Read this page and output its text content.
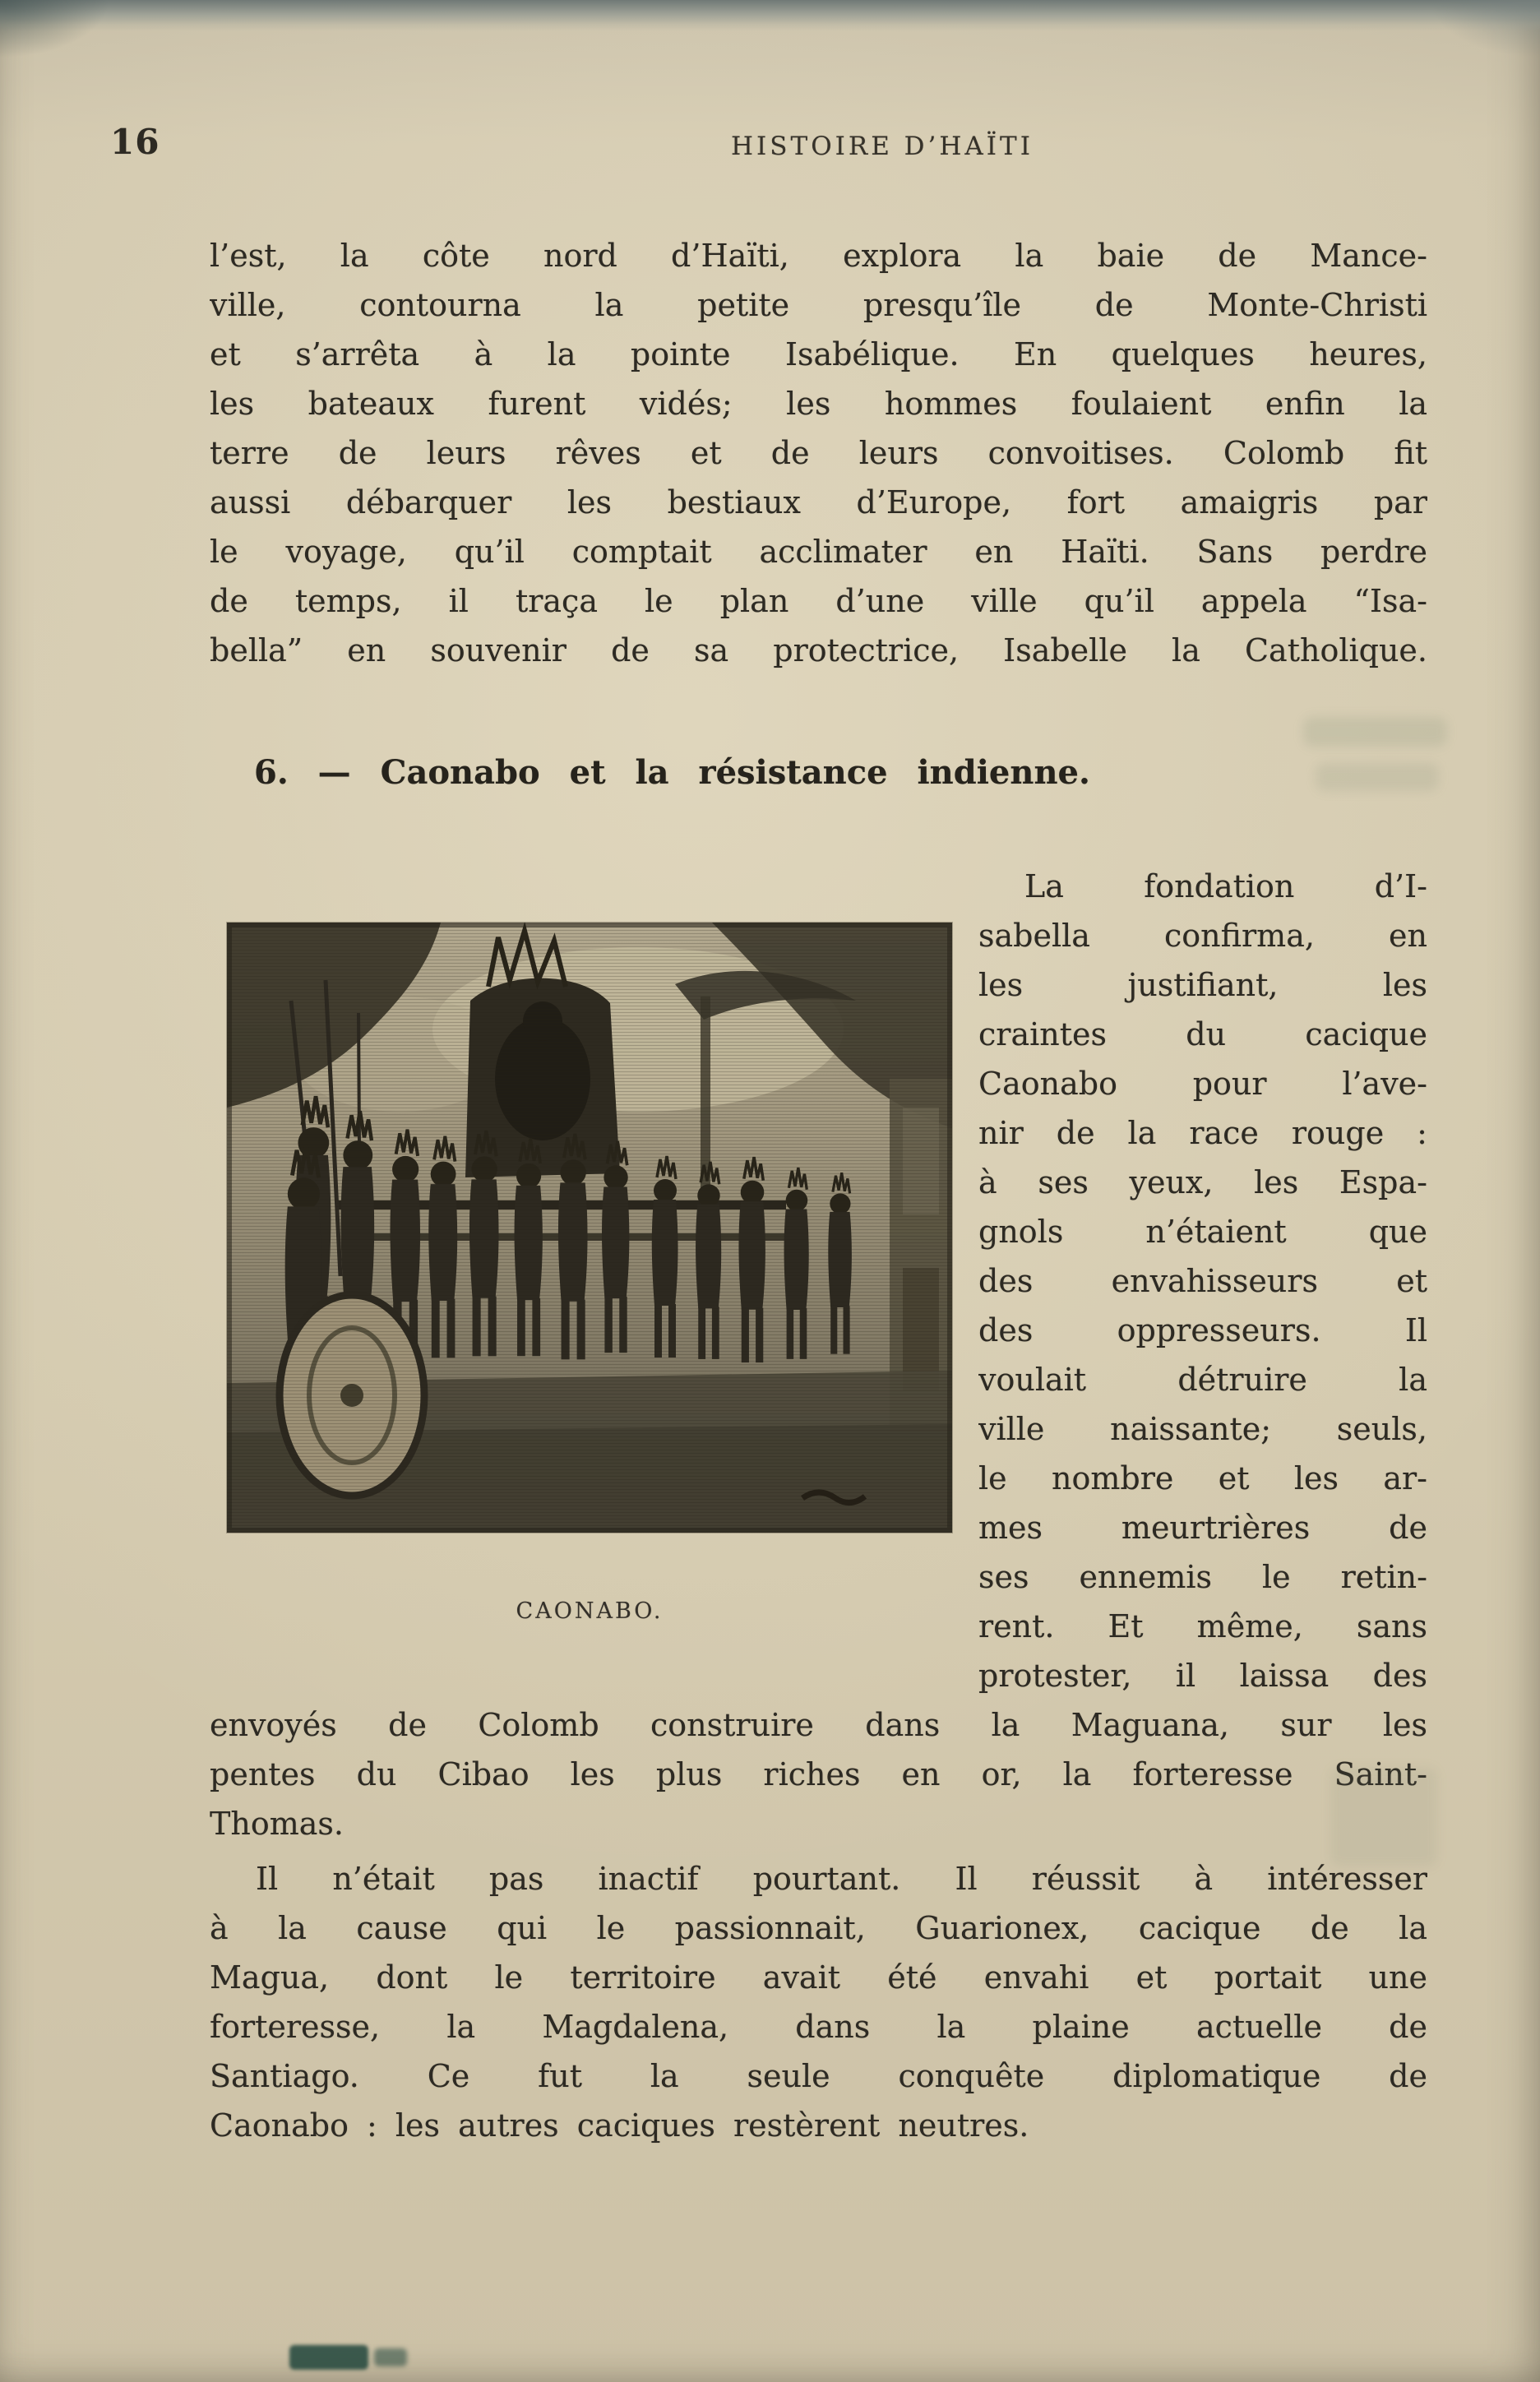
16	HISTOIRE D’HAÏTI
l’est, la côte nord d’Haïti, explora la baie de Mance-
ville, contourna la petite presqu’île de Monte-Christi
et s’arrêta à la pointe Isabélique. En quelques heures,
les bateaux furent vidés; les hommes foulaient enfin la
terre de leurs rêves et de leurs convoitises. Colomb fit
aussi débarquer les bestiaux d’Europe, fort amaigris par
le voyage, qu’il comptait acclimater en Haïti. Sans perdre
de temps, il traça le plan d’une ville qu’il appela “Isa-
bella” en souvenir de sa protectrice, Isabelle la Catholique.
6. — Caonabo et la résistance indienne.
CAONABO.
La fondation d’I-
sabella confirma, en
les justifiant, les
craintes du cacique
Caonabo pour l’ave-
nir de la race rouge :
à ses yeux, les Espa-
gnols n’étaient que
des envahisseurs et
des oppresseurs. Il
voulait détruire la
ville naissante; seuls,
le nombre et les ar-
mes meurtrières de
ses ennemis le retin-
rent. Et même, sans
protester, il laissa des
envoyés de Colomb construire dans la Maguana, sur les
pentes du Cibao les plus riches en or, la forteresse Saint-
Thomas.
Il n’était pas inactif pourtant. Il réussit à intéresser
à la cause qui le passionnait, Guarionex, cacique de la
Magua, dont le territoire avait été envahi et portait une
forteresse, la Magdalena, dans la plaine actuelle de
Santiago. Ce fut la seule conquête diplomatique de
Caonabo : les autres caciques restèrent neutres.
